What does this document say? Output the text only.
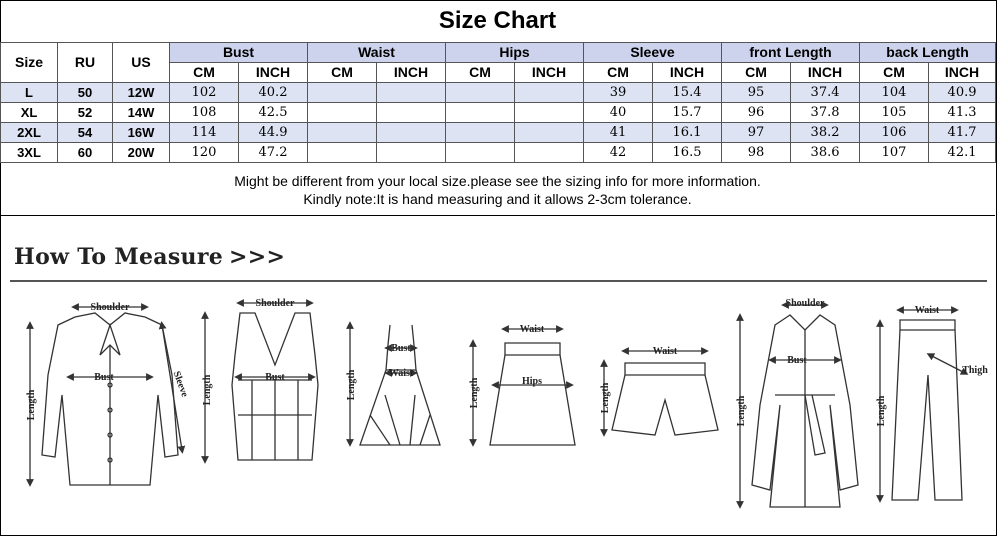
Size Chart
Size	RU	US	Bust		Waist		Hips		Sleeve		front Length		back Length	
			CM	INCH	CM	INCH	CM	INCH	CM	INCH	CM	INCH	CM	INCH
L	50	12W	102	40.2					39	15.4	95	37.4	104	40.9
XL	52	14W	108	42.5					40	15.7	96	37.8	105	41.3
2XL	54	16W	114	44.9					41	16.1	97	38.2	106	41.7
3XL	60	20W	120	47.2					42	16.5	98	38.6	107	42.1
Might be different from your local size.please see the sizing info for more information.
Kindly note:It is hand measuring and it allows 2-3cm tolerance.
How To Measure >>>
Shoulder
Bust
Length
Sleeve
Shoulder
Bust
Length
Bust
Waist
Length
Waist
Hips
Length
Waist
Length
Shoulder
Bust
Length
Waist
Thigh
Length
